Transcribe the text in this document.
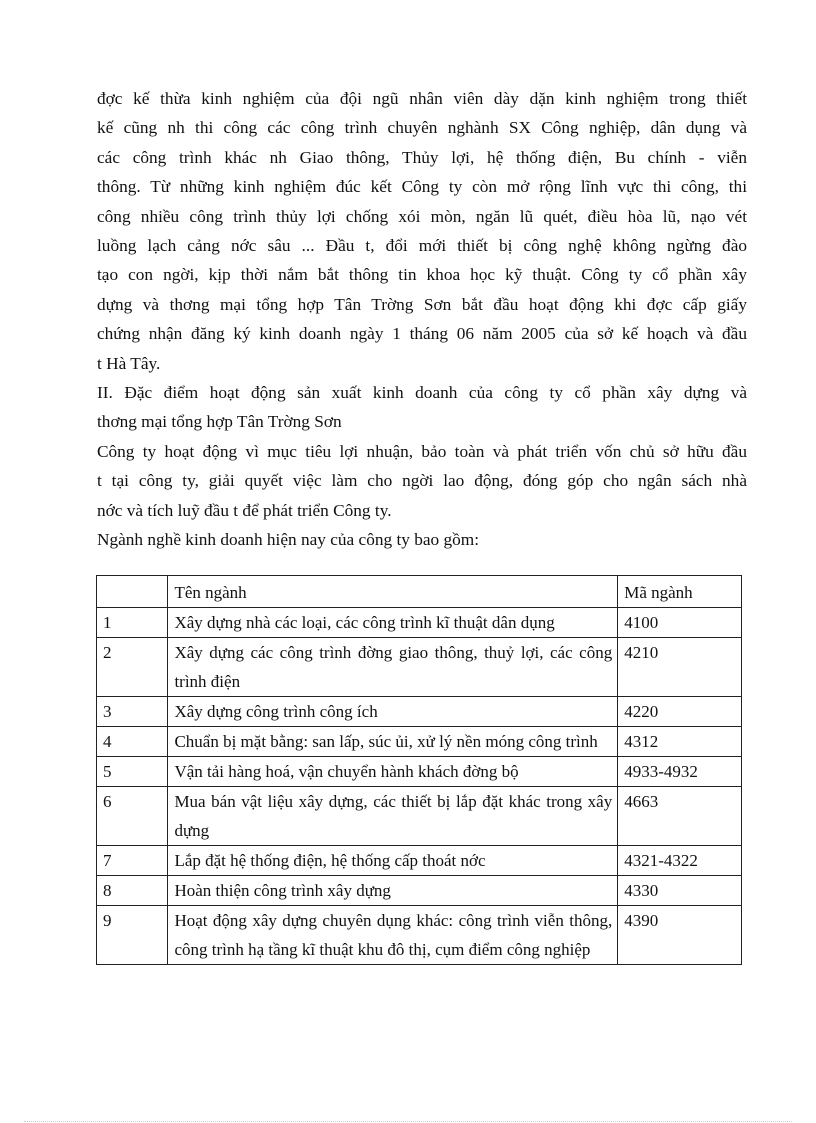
đợc kế thừa kinh nghiệm của đội ngũ nhân viên dày dặn kinh nghiệm trong thiết
kế cũng nh thi công các công trình chuyên nghành SX Công nghiệp, dân dụng và
các công trình khác nh Giao thông, Thủy lợi, hệ thống điện, Bu chính - viễn
thông. Từ những kinh nghiệm đúc kết Công ty còn mở rộng lĩnh vực thi công, thi
công nhiều công trình thủy lợi chống xói mòn, ngăn lũ quét, điều hòa lũ, nạo vét
luồng lạch cảng nớc sâu ... Đầu t, đổi mới thiết bị công nghệ không ngừng đào
tạo con ngời, kịp thời nắm bắt thông tin khoa học kỹ thuật. Công ty cổ phần xây
dựng và thơng mại tổng hợp Tân Trờng Sơn bắt đầu hoạt động khi đợc cấp giấy
chứng nhận đăng ký kinh doanh ngày 1 tháng 06 năm 2005 của sở kế hoạch và đầu
t Hà Tây.

II. Đặc điểm hoạt động sản xuất kinh doanh của công ty cổ phần xây dựng và
thơng mại tổng hợp Tân Trờng Sơn

Công ty hoạt động vì mục tiêu lợi nhuận, bảo toàn và phát triển vốn chủ sở hữu đầu
t tại công ty, giải quyết việc làm cho ngời lao động, đóng góp cho ngân sách nhà
nớc và tích luỹ đầu t để phát triển Công ty.

Ngành nghề kinh doanh hiện nay của công ty bao gồm:

	Tên ngành	Mã ngành
1	Xây dựng nhà các loại, các công trình kĩ thuật dân dụng	4100
2	Xây dựng các công trình đờng giao thông, thuỷ lợi, các công trình điện	4210
3	Xây dựng công trình công ích	4220
4	Chuẩn bị mặt bằng: san lấp, súc ủi, xử lý nền móng công trình	4312
5	Vận tải hàng hoá, vận chuyển hành khách đờng bộ	4933-4932
6	Mua bán vật liệu xây dựng, các thiết bị lắp đặt khác trong xây dựng	4663
7	Lắp đặt hệ thống điện, hệ thống cấp thoát nớc	4321-4322
8	Hoàn thiện công trình xây dựng	4330
9	Hoạt động xây dựng chuyên dụng khác: công trình viễn thông, công trình hạ tầng kĩ thuật khu đô thị, cụm điểm công nghiệp	4390
